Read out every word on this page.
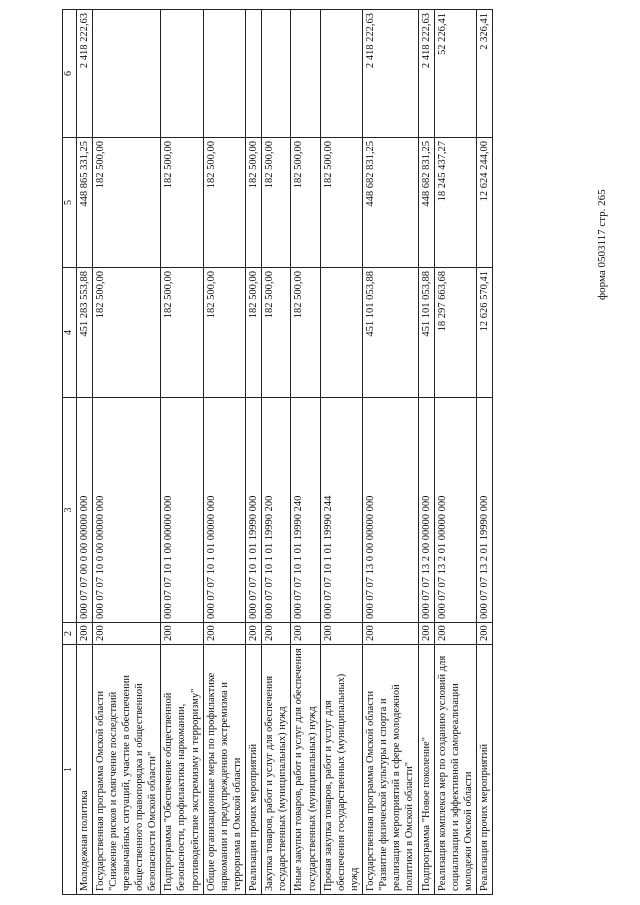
форма 0503117 стр. 265
1	2	3	4	5	6
Молодежная политика	200	000 07 07 00 0 00 00000 000	451 283 553,88	448 865 331,25	2 418 222,63
Государственная программа Омской области "Снижение рисков и смягчение последствий чрезвычайных ситуаций, участие в обеспечении общественного правопорядка и общественной безопасности Омской области"	200	000 07 07 10 0 00 00000 000	182 500,00	182 500,00	
Подпрограмма "Обеспечение общественной безопасности, профилактика наркомании, противодействие экстремизму и терроризму"	200	000 07 07 10 1 00 00000 000	182 500,00	182 500,00	
Общие организационные меры по профилактике наркомании и предупреждению экстремизма и терроризма в Омской области	200	000 07 07 10 1 01 00000 000	182 500,00	182 500,00	
Реализация прочих мероприятий	200	000 07 07 10 1 01 19990 000	182 500,00	182 500,00	
Закупка товаров, работ и услуг для обеспечения государственных (муниципальных) нужд	200	000 07 07 10 1 01 19990 200	182 500,00	182 500,00	
Иные закупки товаров, работ и услуг для обеспечения государственных (муниципальных) нужд	200	000 07 07 10 1 01 19990 240	182 500,00	182 500,00	
Прочая закупка товаров, работ и услуг для обеспечения государственных (муниципальных) нужд	200	000 07 07 10 1 01 19990 244		182 500,00	
Государственная программа Омской области "Развитие физической культуры и спорта и реализация мероприятий в сфере молодежной политики в Омской области"	200	000 07 07 13 0 00 00000 000	451 101 053,88	448 682 831,25	2 418 222,63
Подпрограмма "Новое поколение"	200	000 07 07 13 2 00 00000 000	451 101 053,88	448 682 831,25	2 418 222,63
Реализация комплекса мер по созданию условий для социализации и эффективной самореализации молодежи Омской области	200	000 07 07 13 2 01 00000 000	18 297 663,68	18 245 437,27	52 226,41
Реализация прочих мероприятий	200	000 07 07 13 2 01 19990 000	12 626 570,41	12 624 244,00	2 326,41
